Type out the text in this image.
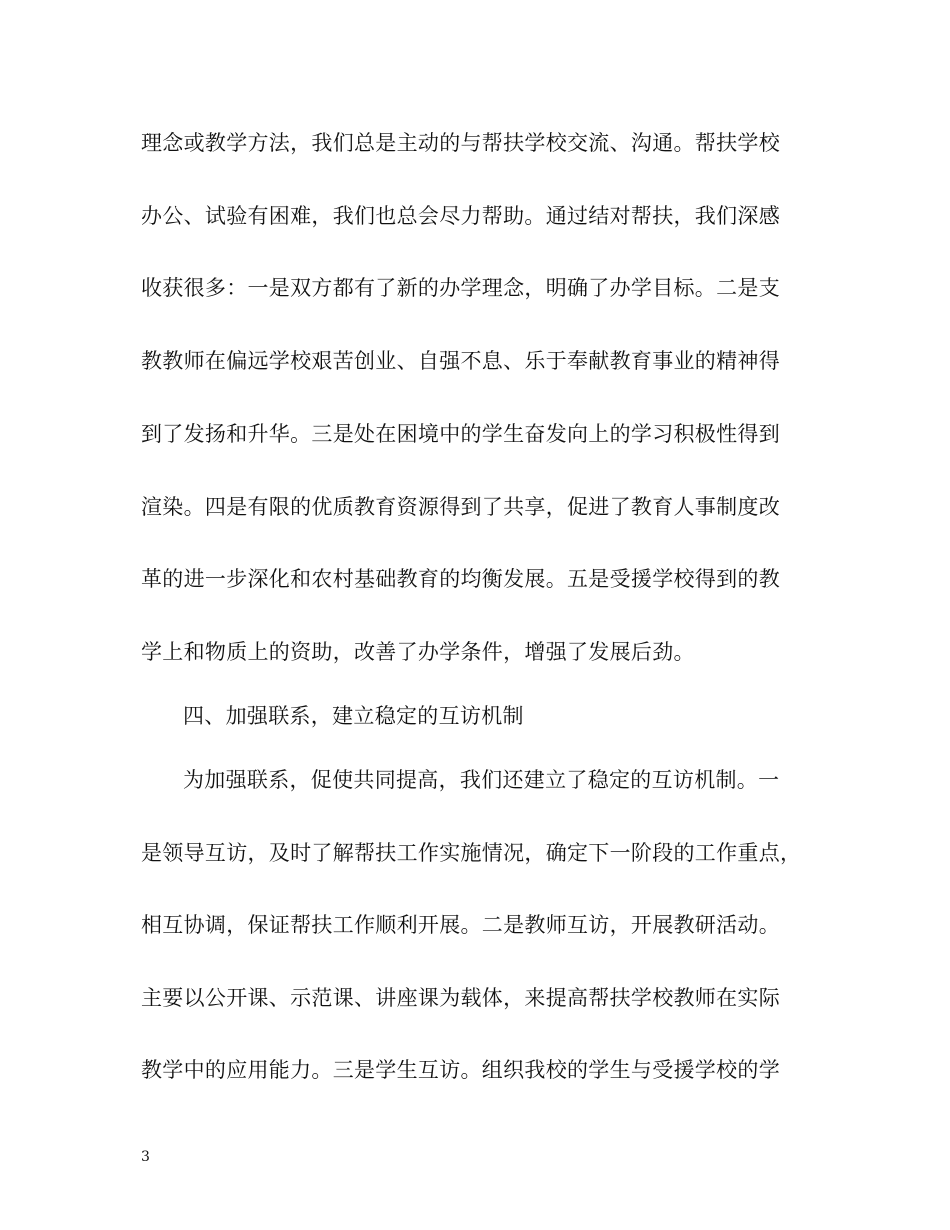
理念或教学方法，我们总是主动的与帮扶学校交流、沟通。帮扶学校
办公、试验有困难，我们也总会尽力帮助。通过结对帮扶，我们深感
收获很多：一是双方都有了新的办学理念，明确了办学目标。二是支
教教师在偏远学校艰苦创业、自强不息、乐于奉献教育事业的精神得
到了发扬和升华。三是处在困境中的学生奋发向上的学习积极性得到
渲染。四是有限的优质教育资源得到了共享，促进了教育人事制度改
革的进一步深化和农村基础教育的均衡发展。五是受援学校得到的教
学上和物质上的资助，改善了办学条件，增强了发展后劲。
四、加强联系，建立稳定的互访机制
为加强联系，促使共同提高，我们还建立了稳定的互访机制。一
是领导互访，及时了解帮扶工作实施情况，确定下一阶段的工作重点，
相互协调，保证帮扶工作顺利开展。二是教师互访，开展教研活动。
主要以公开课、示范课、讲座课为载体，来提高帮扶学校教师在实际
教学中的应用能力。三是学生互访。组织我校的学生与受援学校的学
3
